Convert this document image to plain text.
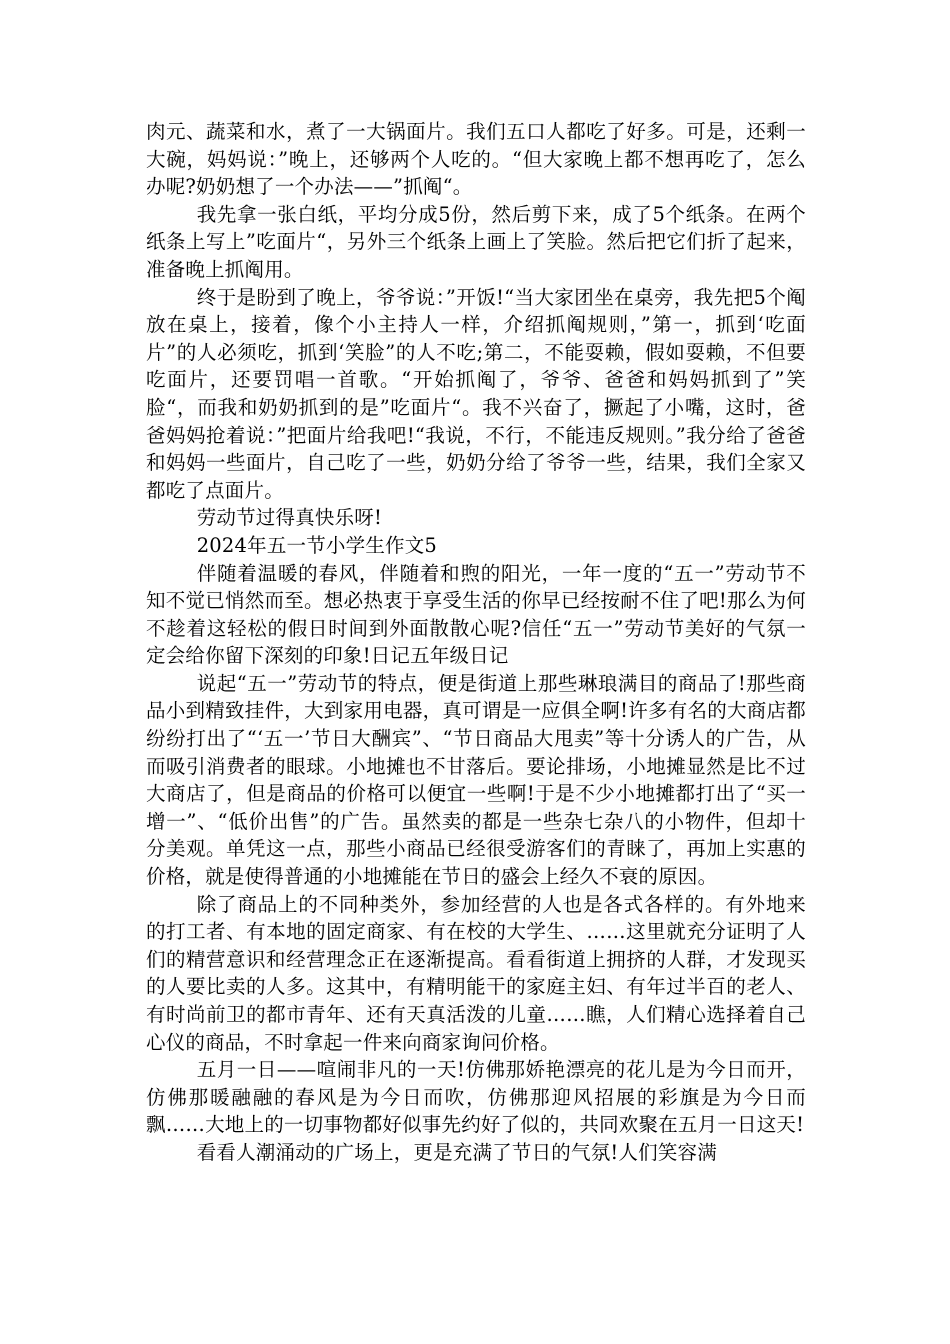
肉元、蔬菜和水，煮了一大锅面片。我们五口人都吃了好多。可是，还剩一大碗，妈妈说：”晚上，还够两个人吃的。“但大家晚上都不想再吃了，怎么办呢?奶奶想了一个办法——”抓阄“。

我先拿一张白纸，平均分成5份，然后剪下来，成了5个纸条。在两个纸条上写上”吃面片“，另外三个纸条上画上了笑脸。然后把它们折了起来，准备晚上抓阄用。

终于是盼到了晚上，爷爷说：”开饭!“当大家团坐在桌旁，我先把5个阄放在桌上，接着，像个小主持人一样，介绍抓阄规则，”第一，抓到‘吃面片”的人必须吃，抓到‘笑脸”的人不吃;第二，不能耍赖，假如耍赖，不但要吃面片，还要罚唱一首歌。“开始抓阄了，爷爷、爸爸和妈妈抓到了”笑脸“，而我和奶奶抓到的是”吃面片“。我不兴奋了，撅起了小嘴，这时，爸爸妈妈抢着说：”把面片给我吧!“我说，不行，不能违反规则。”我分给了爸爸和妈妈一些面片，自己吃了一些，奶奶分给了爷爷一些，结果，我们全家又都吃了点面片。

劳动节过得真快乐呀!

2024年五一节小学生作文5

伴随着温暖的春风，伴随着和煦的阳光，一年一度的“五一”劳动节不知不觉已悄然而至。想必热衷于享受生活的你早已经按耐不住了吧!那么为何不趁着这轻松的假日时间到外面散散心呢?信任“五一”劳动节美好的气氛一定会给你留下深刻的印象!日记五年级日记

说起“五一”劳动节的特点，便是街道上那些琳琅满目的商品了!那些商品小到精致挂件，大到家用电器，真可谓是一应俱全啊!许多有名的大商店都纷纷打出了“‘五一’节日大酬宾”、“节日商品大甩卖”等十分诱人的广告，从而吸引消费者的眼球。小地摊也不甘落后。要论排场，小地摊显然是比不过大商店了，但是商品的价格可以便宜一些啊!于是不少小地摊都打出了“买一增一”、“低价出售”的广告。虽然卖的都是一些杂七杂八的小物件，但却十分美观。单凭这一点，那些小商品已经很受游客们的青睐了，再加上实惠的价格，就是使得普通的小地摊能在节日的盛会上经久不衰的原因。

除了商品上的不同种类外，参加经营的人也是各式各样的。有外地来的打工者、有本地的固定商家、有在校的大学生、……这里就充分证明了人们的精营意识和经营理念正在逐渐提高。看看街道上拥挤的人群，才发现买的人要比卖的人多。这其中，有精明能干的家庭主妇、有年过半百的老人、有时尚前卫的都市青年、还有天真活泼的儿童……瞧，人们精心选择着自己心仪的商品，不时拿起一件来向商家询问价格。

五月一日——喧闹非凡的一天!仿佛那娇艳漂亮的花儿是为今日而开，仿佛那暖融融的春风是为今日而吹，仿佛那迎风招展的彩旗是为今日而飘……大地上的一切事物都好似事先约好了似的，共同欢聚在五月一日这天!

看看人潮涌动的广场上，更是充满了节日的气氛!人们笑容满
